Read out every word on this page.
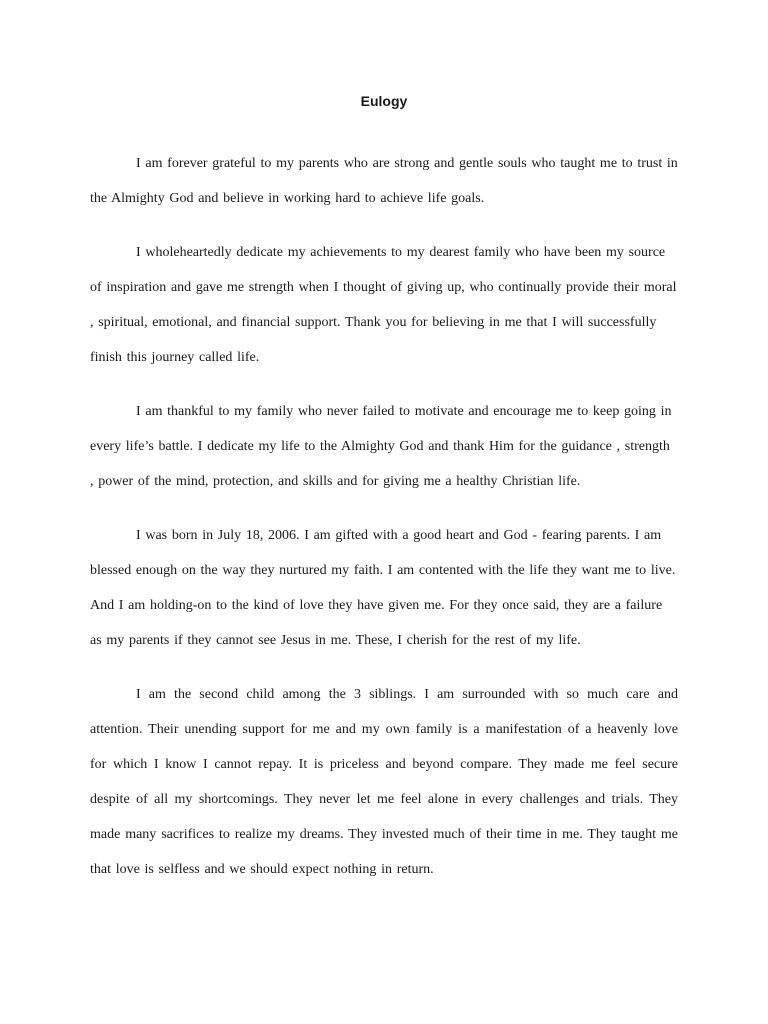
Eulogy

I am forever grateful to my parents who are strong and gentle souls who taught me to trust in the Almighty God and believe in working hard to achieve life goals.

I wholeheartedly dedicate my achievements to my dearest family who have been my source of inspiration and gave me strength when I thought of giving up, who continually provide their moral , spiritual, emotional, and financial support. Thank you for believing in me that I will successfully finish this journey called life.

I am thankful to my family who never failed to motivate and encourage me to keep going in every life’s battle. I dedicate my life to the Almighty God and thank Him for the guidance , strength , power of the mind, protection, and skills and for giving me a healthy Christian life.

I was born in July 18, 2006. I am gifted with a good heart and God - fearing parents. I am blessed enough on the way they nurtured my faith. I am contented with the life they want me to live. And I am holding-on to the kind of love they have given me. For they once said, they are a failure as my parents if they cannot see Jesus in me. These, I cherish for the rest of my life.

I am the second child among the 3 siblings. I am surrounded with so much care and attention. Their unending support for me and my own family is a manifestation of a heavenly love for which I know I cannot repay. It is priceless and beyond compare. They made me feel secure despite of all my shortcomings. They never let me feel alone in every challenges and trials. They made many sacrifices to realize my dreams. They invested much of their time in me. They taught me that love is selfless and we should expect nothing in return.
